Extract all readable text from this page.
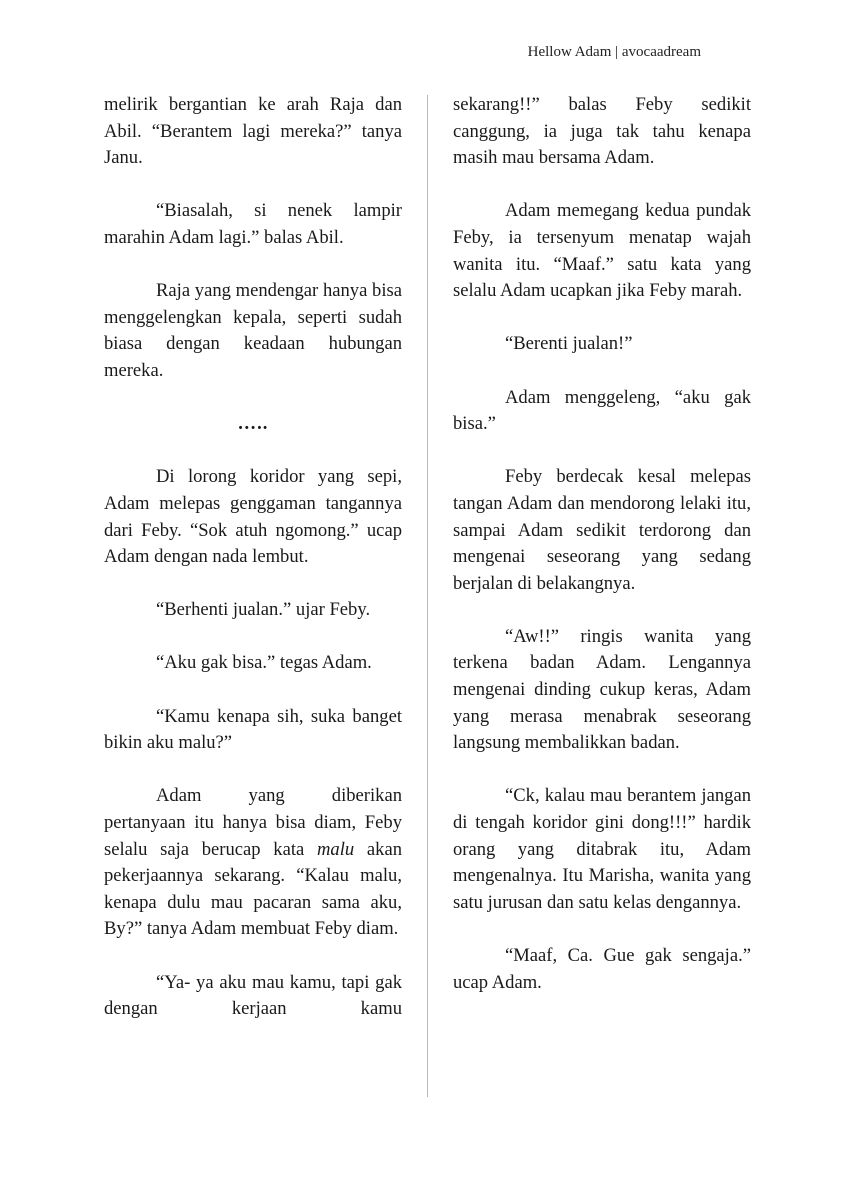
Hellow Adam | avocaadream

melirik bergantian ke arah Raja dan Abil. “Berantem lagi mereka?” tanya Janu.

“Biasalah, si nenek lampir marahin Adam lagi.” balas Abil.

Raja yang mendengar hanya bisa menggelengkan kepala, seperti sudah biasa dengan keadaan hubungan mereka.

…..

Di lorong koridor yang sepi, Adam melepas genggaman tangannya dari Feby. “Sok atuh ngomong.” ucap Adam dengan nada lembut.

“Berhenti jualan.” ujar Feby.

“Aku gak bisa.” tegas Adam.

“Kamu kenapa sih, suka banget bikin aku malu?”

Adam yang diberikan pertanyaan itu hanya bisa diam, Feby selalu saja berucap kata malu akan pekerjaannya sekarang. “Kalau malu, kenapa dulu mau pacaran sama aku, By?” tanya Adam membuat Feby diam.

“Ya- ya aku mau kamu, tapi gak dengan kerjaan kamu

sekarang!!” balas Feby sedikit canggung, ia juga tak tahu kenapa masih mau bersama Adam.

Adam memegang kedua pundak Feby, ia tersenyum menatap wajah wanita itu. “Maaf.” satu kata yang selalu Adam ucapkan jika Feby marah.

“Berenti jualan!”

Adam menggeleng, “aku gak bisa.”

Feby berdecak kesal melepas tangan Adam dan mendorong lelaki itu, sampai Adam sedikit terdorong dan mengenai seseorang yang sedang berjalan di belakangnya.

“Aw!!” ringis wanita yang terkena badan Adam. Lengannya mengenai dinding cukup keras, Adam yang merasa menabrak seseorang langsung membalikkan badan.

“Ck, kalau mau berantem jangan di tengah koridor gini dong!!!” hardik orang yang ditabrak itu, Adam mengenalnya. Itu Marisha, wanita yang satu jurusan dan satu kelas dengannya.

“Maaf, Ca. Gue gak sengaja.” ucap Adam.
